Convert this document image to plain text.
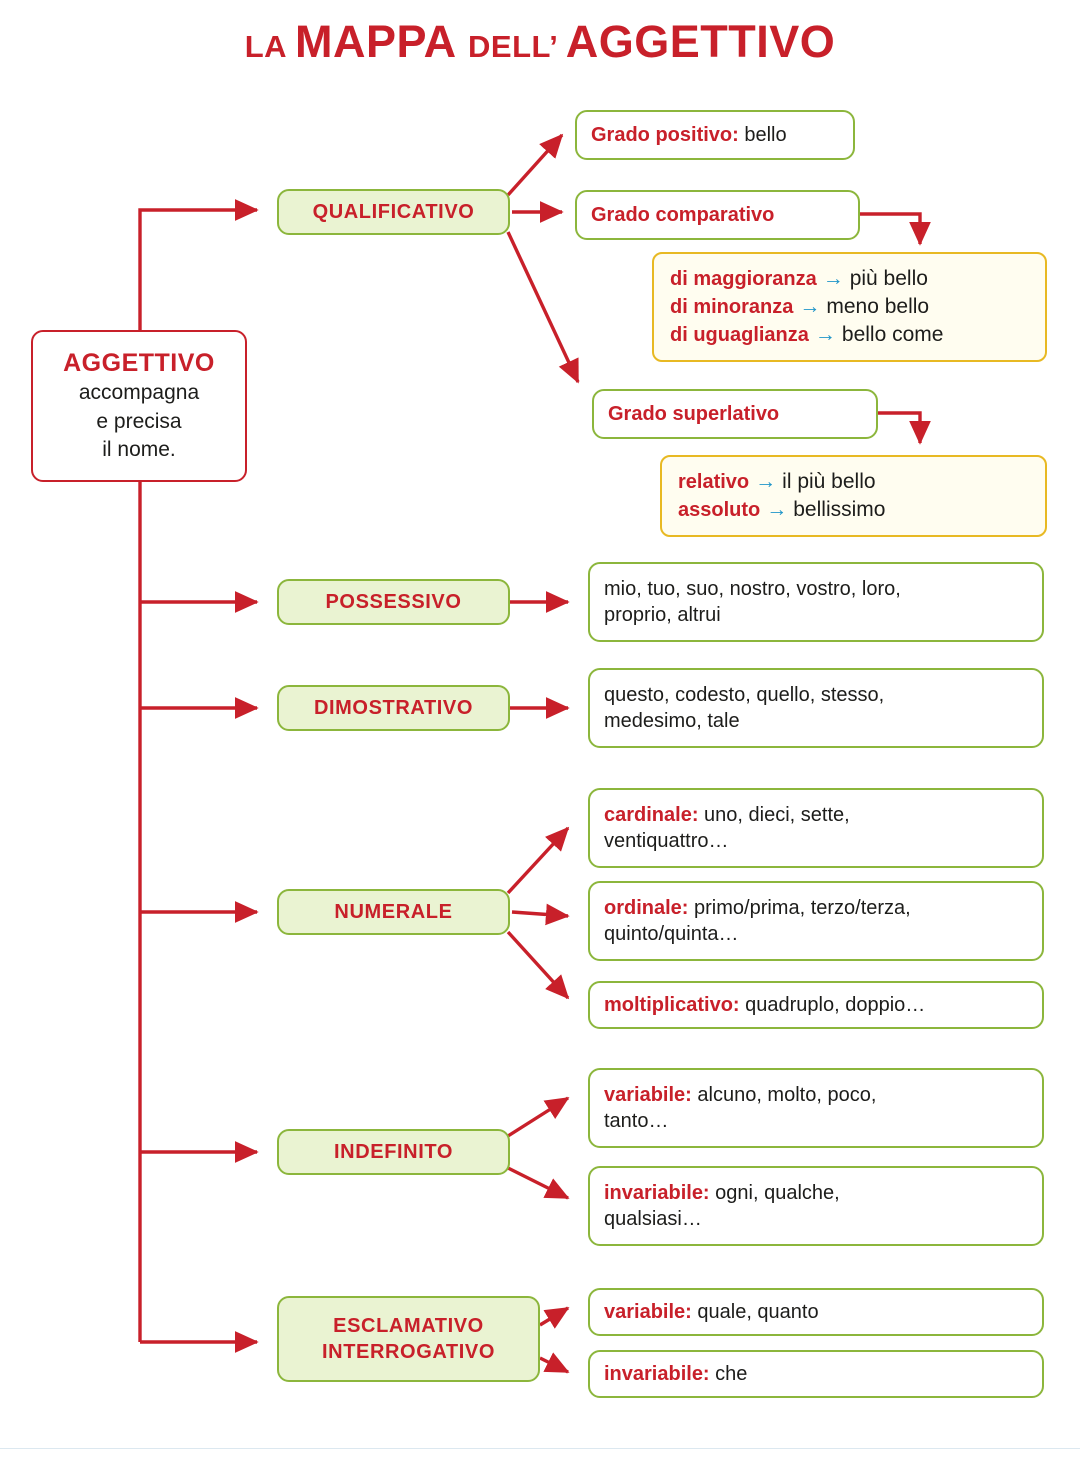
LA MAPPA DELL’ AGGETTIVO
AGGETTIVO
accompagna
e precisa
il nome.
QUALIFICATIVO
Grado positivo: bello
Grado comparativo
di maggioranza → più bello
di minoranza → meno bello
di uguaglianza → bello come
Grado superlativo
relativo → il più bello
assoluto → bellissimo
POSSESSIVO
mio, tuo, suo, nostro, vostro, loro,
proprio, altrui
DIMOSTRATIVO
questo, codesto, quello, stesso,
medesimo, tale
NUMERALE
cardinale: uno, dieci, sette,
ventiquattro…
ordinale: primo/prima, terzo/terza,
quinto/quinta…
moltiplicativo: quadruplo, doppio…
INDEFINITO
variabile: alcuno, molto, poco,
tanto…
invariabile: ogni, qualche,
qualsiasi…
ESCLAMATIVO
INTERROGATIVO
variabile: quale, quanto
invariabile: che
